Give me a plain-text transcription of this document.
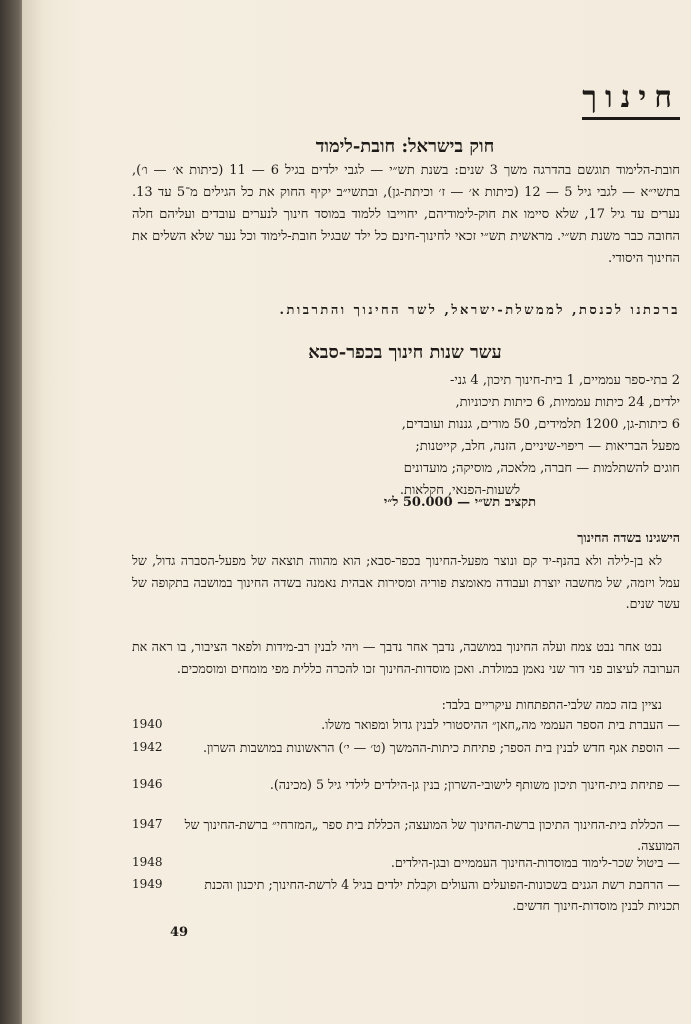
חינוך
חוק בישראל: חובת-לימוד
חובת-הלימוד תוגשם בהדרגה משך 3 שנים: בשנת תש״י — לגבי ילדים בגיל 6 — 11 (כיתות א׳ — ו׳), בתשי״א — לגבי גיל 5 — 12 (כיתות א׳ — ז׳ וכיתת-גן), ובתשי״ב יקיף החוק את כל הגילים מ־5 עד 13. נערים עד גיל 17, שלא סיימו את חוק-לימודיהם, יחוייבו ללמוד במוסד חינוך לנערים עובדים ועליהם חלה החובה כבר משנת תש״י. מראשית תש״י זכאי לחינוך-חינם כל ילד שבגיל חובת-לימוד וכל נער שלא השלים את החינוך היסודי.
ברכתנו לכנסת, לממשלת-ישראל, לשר החינוך והתרבות.
עשר שנות חינוך בכפר-סבא
2 בתי-ספר עממיים, 1 בית-חינוך תיכון, 4 גני-
ילדים, 24 כיתות עממיות, 6 כיתות תיכוניות,
6 כיתות-גן, 1200 תלמידים, 50 מורים, גננות ועובדים,
מפעל הבריאות — ריפוי-שיניים, הזנה, חלב, קייטנות;
חוגים להשתלמות — חברה, מלאכה, מוסיקה; מועדונים
לשעות-הפנאי, חקלאות.
תקציב תש״י — 50.000 ל״י
הישגינו בשדה החינוך
לא בן-לילה ולא בהנף-יד קם ונוצר מפעל-החינוך בכפר-סבא; הוא מהווה תוצאה של מפעל-הסברה גדול, של עמל ויזמה, של מחשבה יוצרת ועבודה מאומצת פוריה ומסירות אבהית נאמנה בשדה החינוך במושבה בתקופה של עשר שנים.
נבט אחר נבט צמח ועלה החינוך במושבה, נדבך אחר נדבך — ויהי לבנין רב-מידות ולפאר הציבור, בו ראה את הערובה לעיצוב פני דור שני נאמן במולדת. ואכן מוסדות-החינוך זכו להכרה כללית מפי מומחים ומוסמכים.
נציין בזה כמה שלבי-התפתחות עיקריים בלבד:
1940	— העברת בית הספר העממי מה„חאן״ ההיסטורי לבנין גדול ומפואר משלו.
1942	— הוספת אגף חדש לבנין בית הספר; פתיחת כיתות-ההמשך (ט׳ — י׳) הראשונות במושבות השרון.
1946	— פתיחת בית-חינוך תיכון משותף לישובי-השרון; בנין גן-הילדים לילדי גיל 5 (מכינה).
1947	— הכללת בית-החינוך התיכון ברשת-החינוך של המועצה; הכללת בית ספר „המזרחי״ ברשת-החינוך של המועצה.
1948	— ביטול שכר-לימוד במוסדות-החינוך העממיים ובגן-הילדים.
1949	— הרחבת רשת הגנים בשכונות-הפועלים והעולים וקבלת ילדים בגיל 4 לרשת-החינוך; תיכנון והכנת תכניות לבנין מוסדות-חינוך חדשים.
49
